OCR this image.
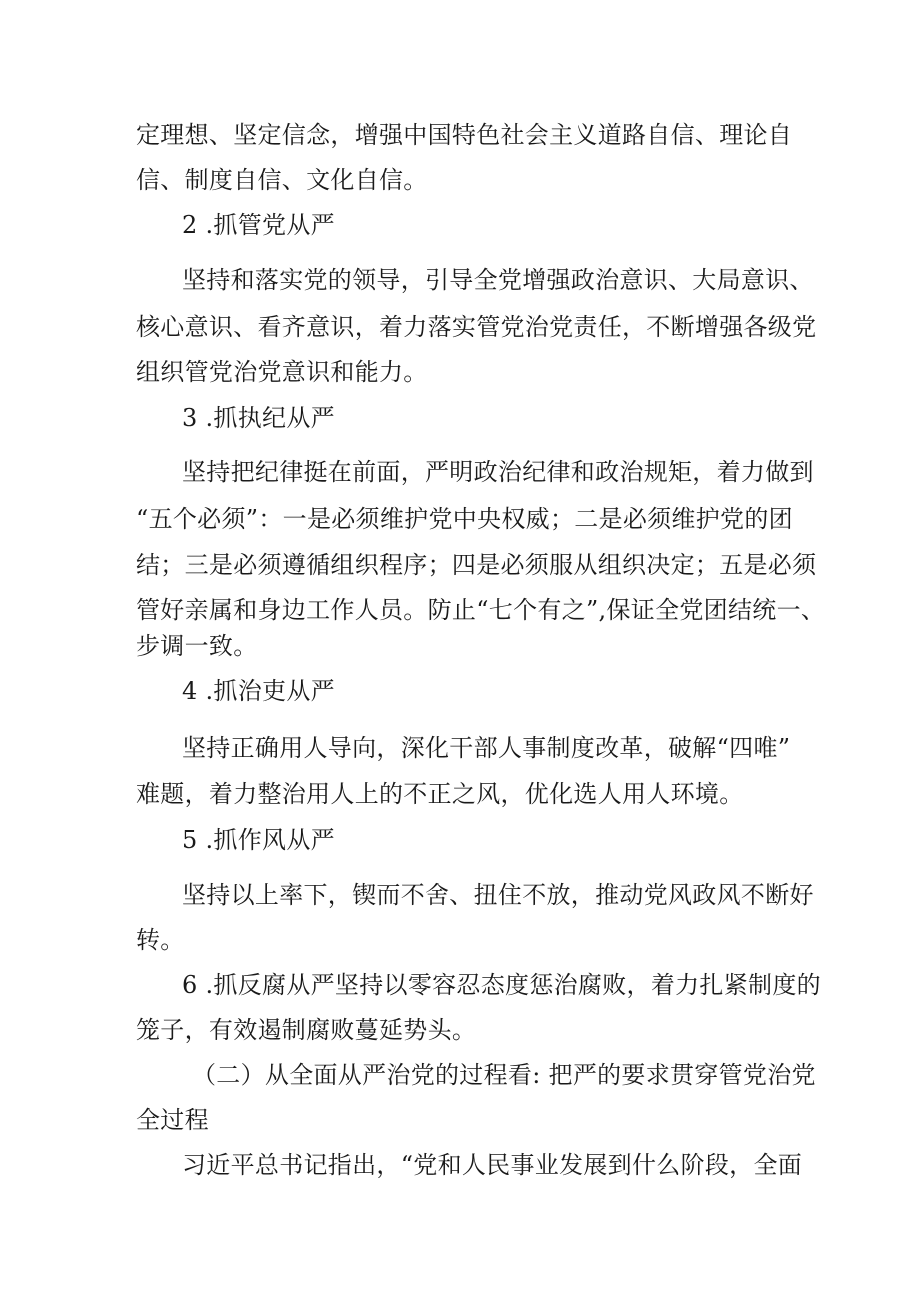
定理想、坚定信念，增强中国特色社会主义道路自信、理论自
信、制度自信、文化自信。
2 .抓管党从严
坚持和落实党的领导，引导全党增强政治意识、大局意识、
核心意识、看齐意识，着力落实管党治党责任，不断增强各级党
组织管党治党意识和能力。
3 .抓执纪从严
坚持把纪律挺在前面，严明政治纪律和政治规矩，着力做到
“五个必须”：一是必须维护党中央权威；二是必须维护党的团
结；三是必须遵循组织程序；四是必须服从组织决定；五是必须
管好亲属和身边工作人员。防止“七个有之”,保证全党团结统一、
步调一致。
4 .抓治吏从严
坚持正确用人导向，深化干部人事制度改革，破解“四唯”
难题，着力整治用人上的不正之风，优化选人用人环境。
5 .抓作风从严
坚持以上率下，锲而不舍、扭住不放，推动党风政风不断好
转。
6 .抓反腐从严坚持以零容忍态度惩治腐败，着力扎紧制度的
笼子，有效遏制腐败蔓延势头。
（二）从全面从严治党的过程看: 把严的要求贯穿管党治党
全过程
习近平总书记指出，“党和人民事业发展到什么阶段，全面
